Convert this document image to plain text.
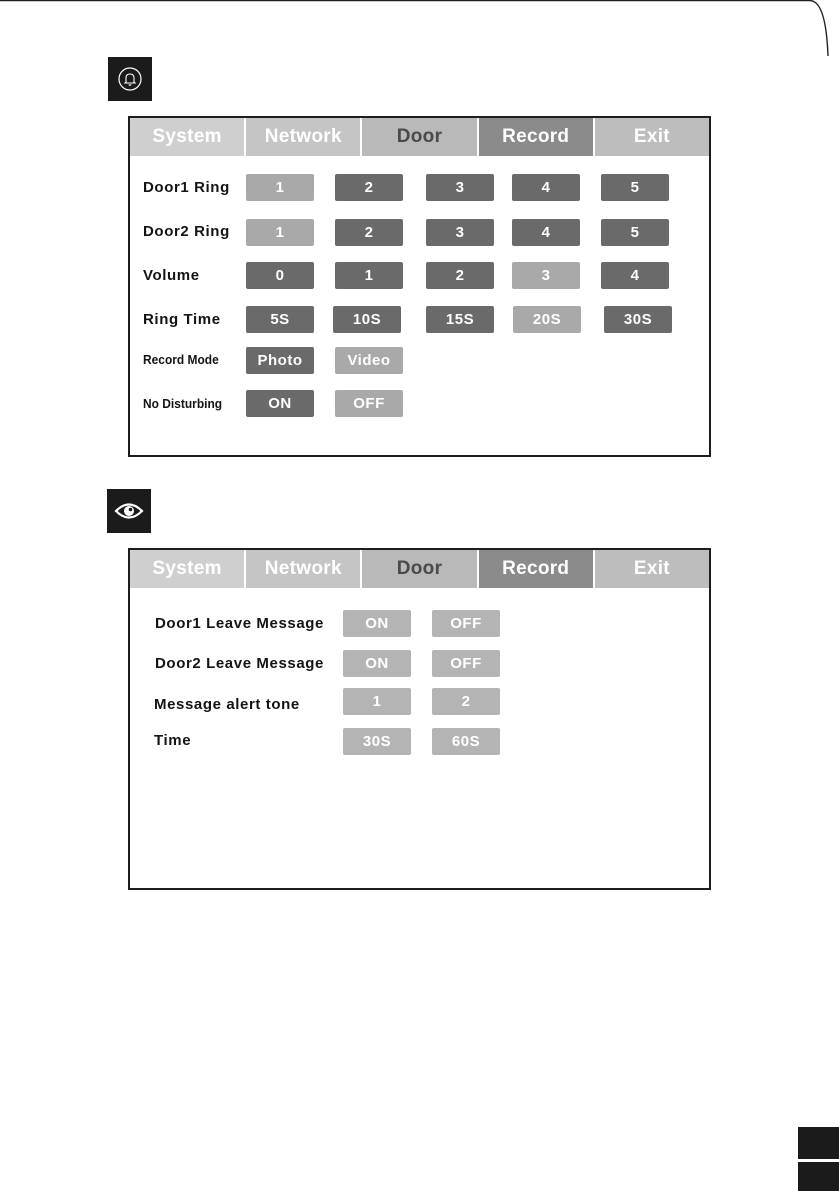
System	Network	Door	Record	Exit
Door1 Ring	1	2	3	4	5
Door2 Ring	1	2	3	4	5
Volume	0	1	2	3	4
Ring Time	5S	10S	15S	20S	30S
Record Mode	Photo	Video
No Disturbing	ON	OFF
System	Network	Door	Record	Exit
Door1 Leave Message	ON	OFF
Door2 Leave Message	ON	OFF
Message alert tone	1	2
Time	30S	60S
